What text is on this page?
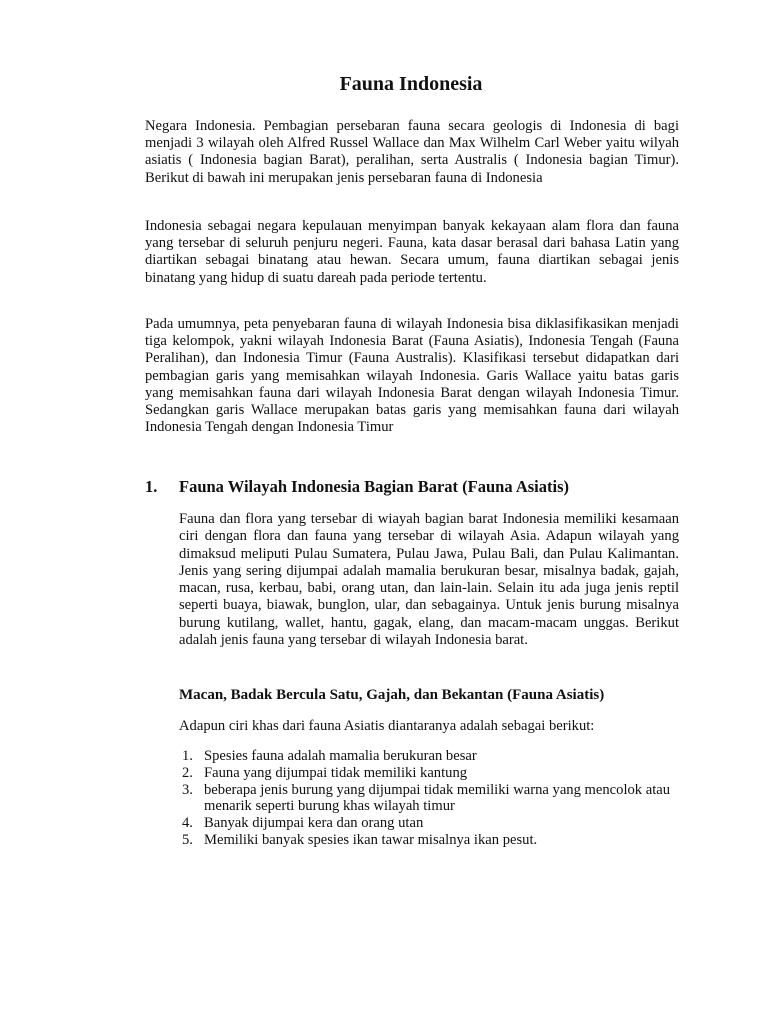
Fauna Indonesia

Negara Indonesia. Pembagian persebaran fauna secara geologis di Indonesia di bagi menjadi 3 wilayah oleh Alfred Russel Wallace dan Max Wilhelm Carl Weber yaitu wilyah asiatis ( Indonesia bagian Barat), peralihan, serta Australis ( Indonesia bagian Timur). Berikut di bawah ini merupakan jenis persebaran fauna di Indonesia

Indonesia sebagai negara kepulauan menyimpan banyak kekayaan alam flora dan fauna yang tersebar di seluruh penjuru negeri. Fauna, kata dasar berasal dari bahasa Latin yang diartikan sebagai binatang atau hewan. Secara umum, fauna diartikan sebagai jenis binatang yang hidup di suatu dareah pada periode tertentu.

Pada umumnya, peta penyebaran fauna di wilayah Indonesia bisa diklasifikasikan menjadi tiga kelompok, yakni wilayah Indonesia Barat (Fauna Asiatis), Indonesia Tengah (Fauna Peralihan), dan Indonesia Timur (Fauna Australis). Klasifikasi tersebut didapatkan dari pembagian garis yang memisahkan wilayah Indonesia. Garis Wallace yaitu batas garis yang memisahkan fauna dari wilayah Indonesia Barat dengan wilayah Indonesia Timur. Sedangkan garis Wallace merupakan batas garis yang memisahkan fauna dari wilayah Indonesia Tengah dengan Indonesia Timur

1. Fauna Wilayah Indonesia Bagian Barat (Fauna Asiatis)

Fauna dan flora yang tersebar di wiayah bagian barat Indonesia memiliki kesamaan ciri dengan flora dan fauna yang tersebar di wilayah Asia. Adapun wilayah yang dimaksud meliputi Pulau Sumatera, Pulau Jawa, Pulau Bali, dan Pulau Kalimantan. Jenis yang sering dijumpai adalah mamalia berukuran besar, misalnya badak, gajah, macan, rusa, kerbau, babi, orang utan, dan lain-lain. Selain itu ada juga jenis reptil seperti buaya, biawak, bunglon, ular, dan sebagainya. Untuk jenis burung misalnya burung kutilang, wallet, hantu, gagak, elang, dan macam-macam unggas. Berikut adalah jenis fauna yang tersebar di wilayah Indonesia barat.

Macan, Badak Bercula Satu, Gajah, dan Bekantan (Fauna Asiatis)

Adapun ciri khas dari fauna Asiatis diantaranya adalah sebagai berikut:

1. Spesies fauna adalah mamalia berukuran besar
2. Fauna yang dijumpai tidak memiliki kantung
3. beberapa jenis burung yang dijumpai tidak memiliki warna yang mencolok atau menarik seperti burung khas wilayah timur
4. Banyak dijumpai kera dan orang utan
5. Memiliki banyak spesies ikan tawar misalnya ikan pesut.
